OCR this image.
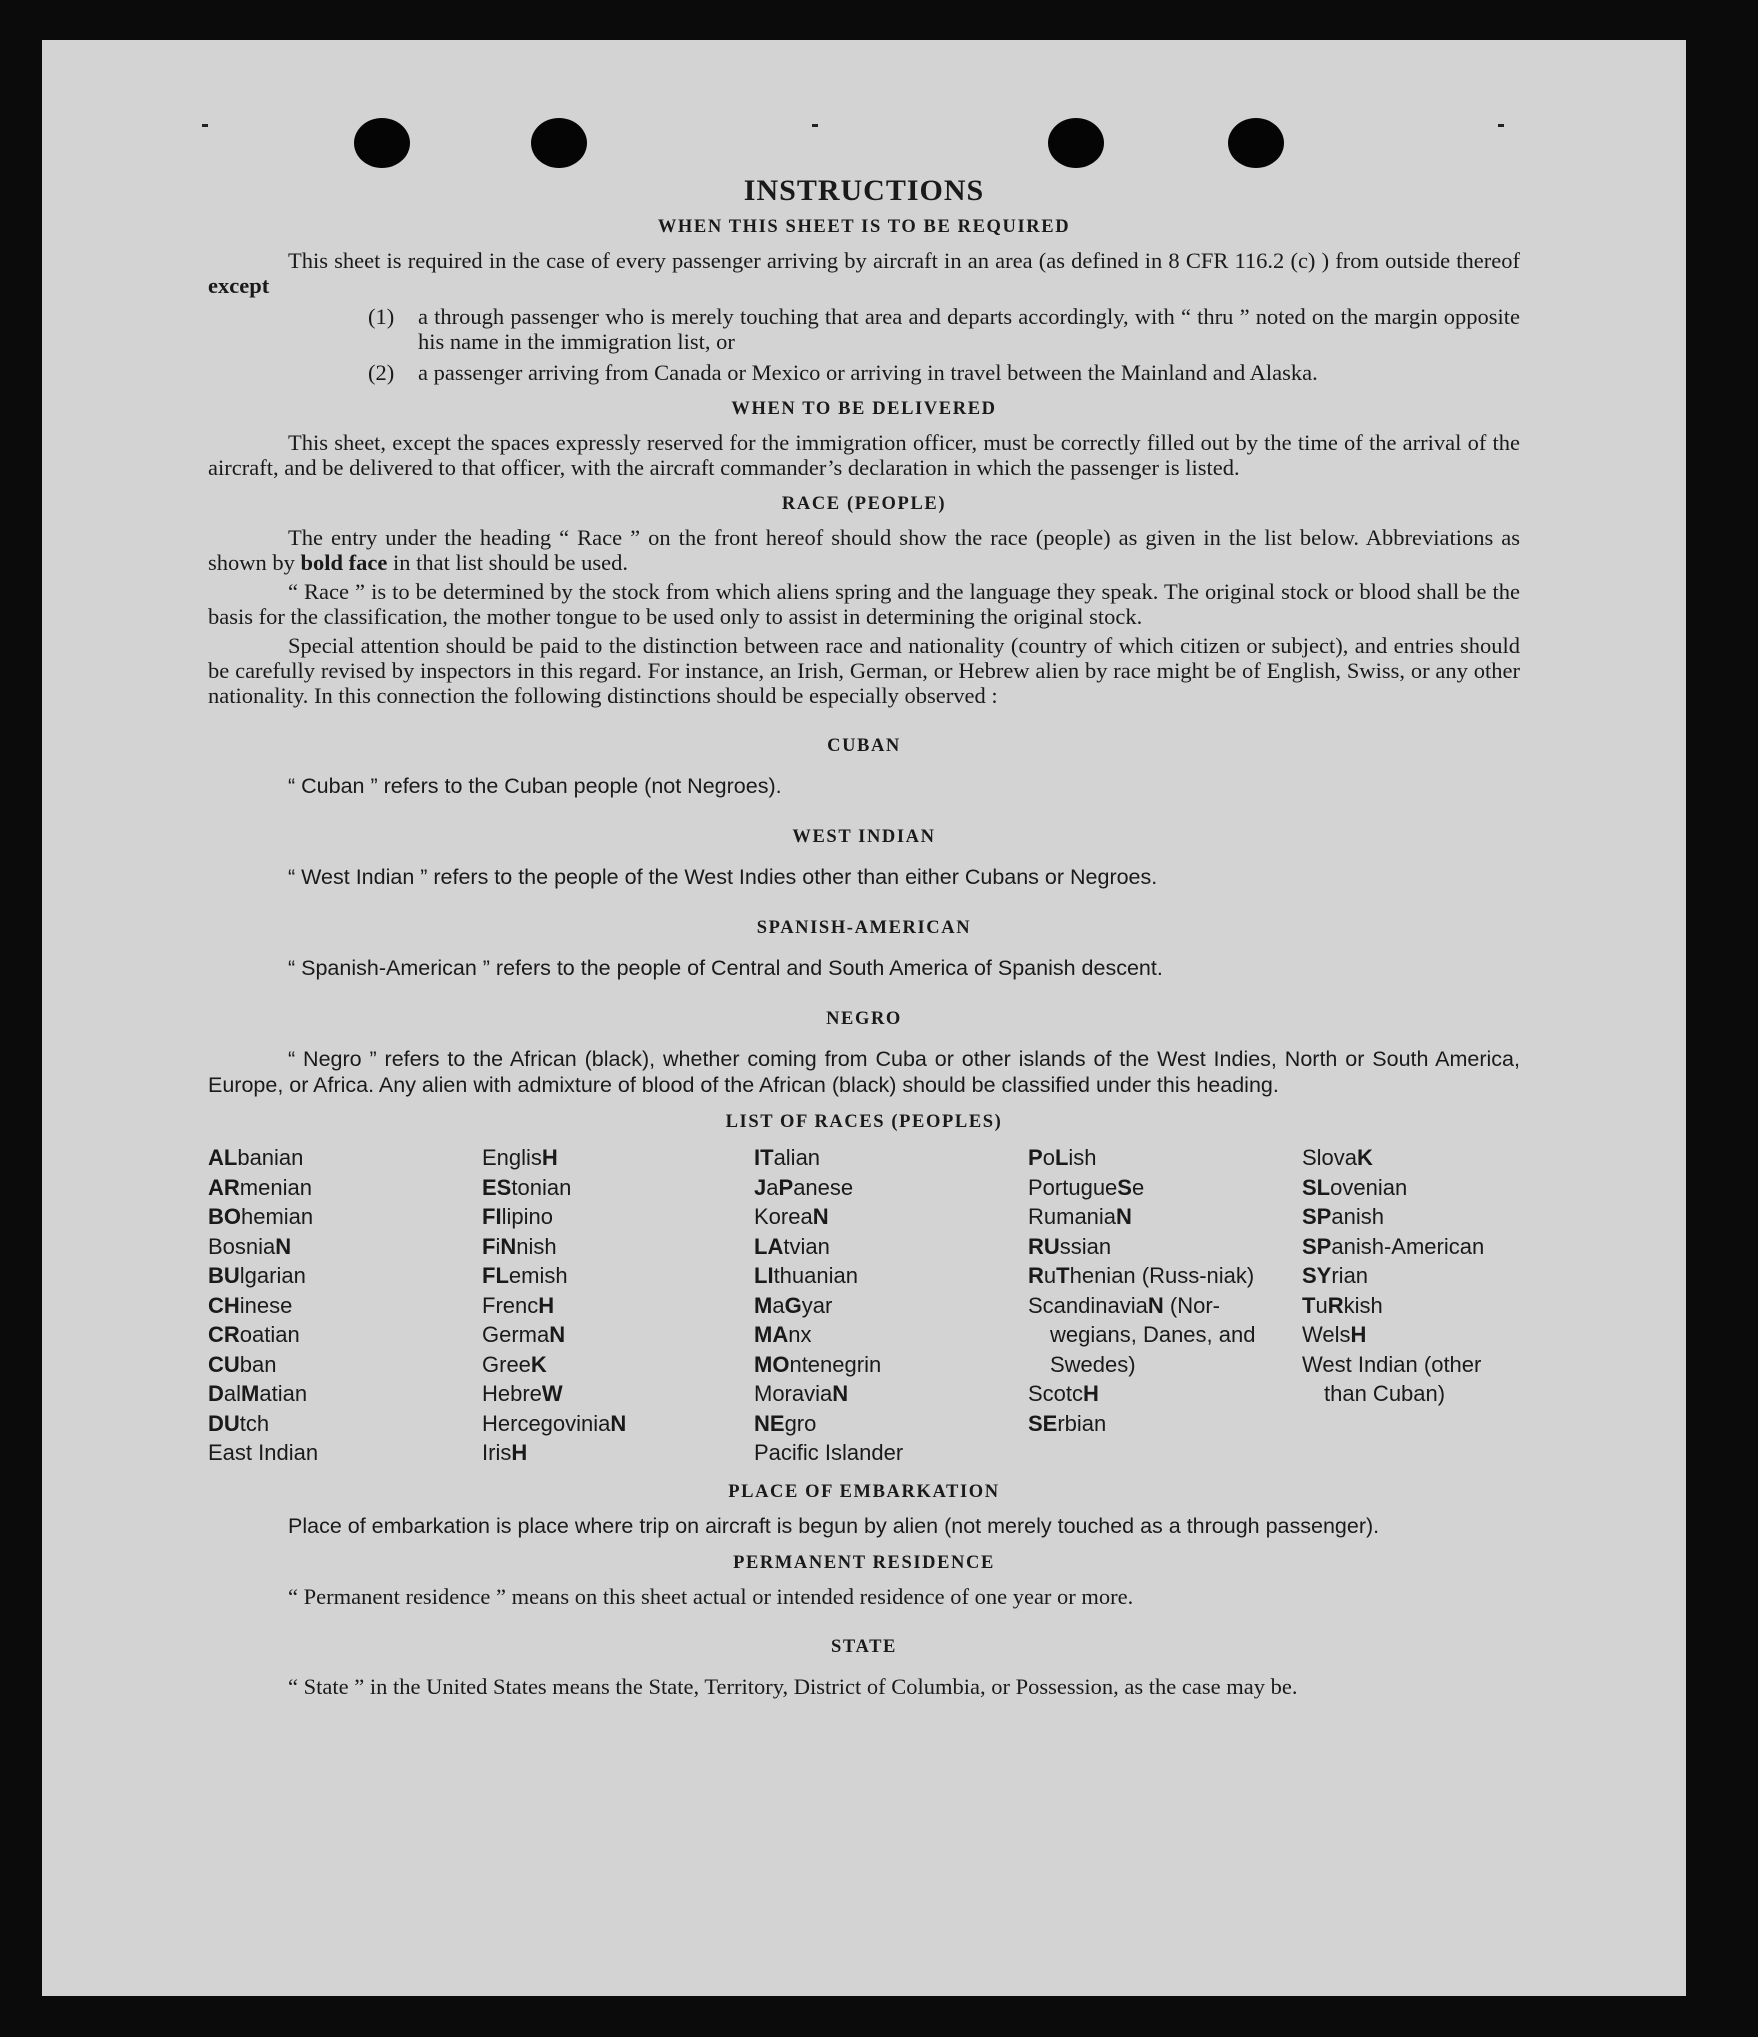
INSTRUCTIONS
WHEN THIS SHEET IS TO BE REQUIRED

This sheet is required in the case of every passenger arriving by aircraft in an area (as defined in 8 CFR 116.2 (c) ) from outside thereof except

(1)	a through passenger who is merely touching that area and departs accordingly, with “ thru ” noted on the margin opposite his name in the immigration list, or
(2)	a passenger arriving from Canada or Mexico or arriving in travel between the Mainland and Alaska.
WHEN TO BE DELIVERED

This sheet, except the spaces expressly reserved for the immigration officer, must be correctly filled out by the time of the arrival of the aircraft, and be delivered to that officer, with the aircraft commander’s declaration in which the passenger is listed.

RACE (PEOPLE)

The entry under the heading “ Race ” on the front hereof should show the race (people) as given in the list below. Abbreviations as shown by bold face in that list should be used.

“ Race ” is to be determined by the stock from which aliens spring and the language they speak. The original stock or blood shall be the basis for the classification, the mother tongue to be used only to assist in determining the original stock.

Special attention should be paid to the distinction between race and nationality (country of which citizen or subject), and entries should be carefully revised by inspectors in this regard. For instance, an Irish, German, or Hebrew alien by race might be of English, Swiss, or any other nationality. In this connection the following distinctions should be especially observed :

CUBAN

“ Cuban ” refers to the Cuban people (not Negroes).

WEST INDIAN

“ West Indian ” refers to the people of the West Indies other than either Cubans or Negroes.

SPANISH-AMERICAN

“ Spanish-American ” refers to the people of Central and South America of Spanish descent.

NEGRO

“ Negro ” refers to the African (black), whether coming from Cuba or other islands of the West Indies, North or South America, Europe, or Africa. Any alien with admixture of blood of the African (black) should be classified under this heading.

LIST OF RACES (PEOPLES)
ALbanian
ARmenian
BOhemian
BosniaN
BUlgarian
CHinese
CRoatian
CUban
DalMatian
DUtch
East Indian
EnglisH
EStonian
FIlipino
FiNnish
FLemish
FrencH
GermaN
GreeK
HebreW
HercegoviniaN
IrisH
ITalian
JaPanese
KoreaN
LAtvian
LIthuanian
MaGyar
MAnx
MOntenegrin
MoraviaN
NEgro
Pacific Islander
PoLish
PortugueSe
RumaniaN
RUssian
RuThenian (Russ-niak)
ScandinaviaN (Nor-wegians, Danes, and Swedes)
ScotcH
SErbian
SlovaK
SLovenian
SPanish
SPanish-American
SYrian
TuRkish
WelsH
West Indian (other than Cuban)
PLACE OF EMBARKATION

Place of embarkation is place where trip on aircraft is begun by alien (not merely touched as a through passenger).

PERMANENT RESIDENCE

“ Permanent residence ” means on this sheet actual or intended residence of one year or more.

STATE

“ State ” in the United States means the State, Territory, District of Columbia, or Possession, as the case may be.
